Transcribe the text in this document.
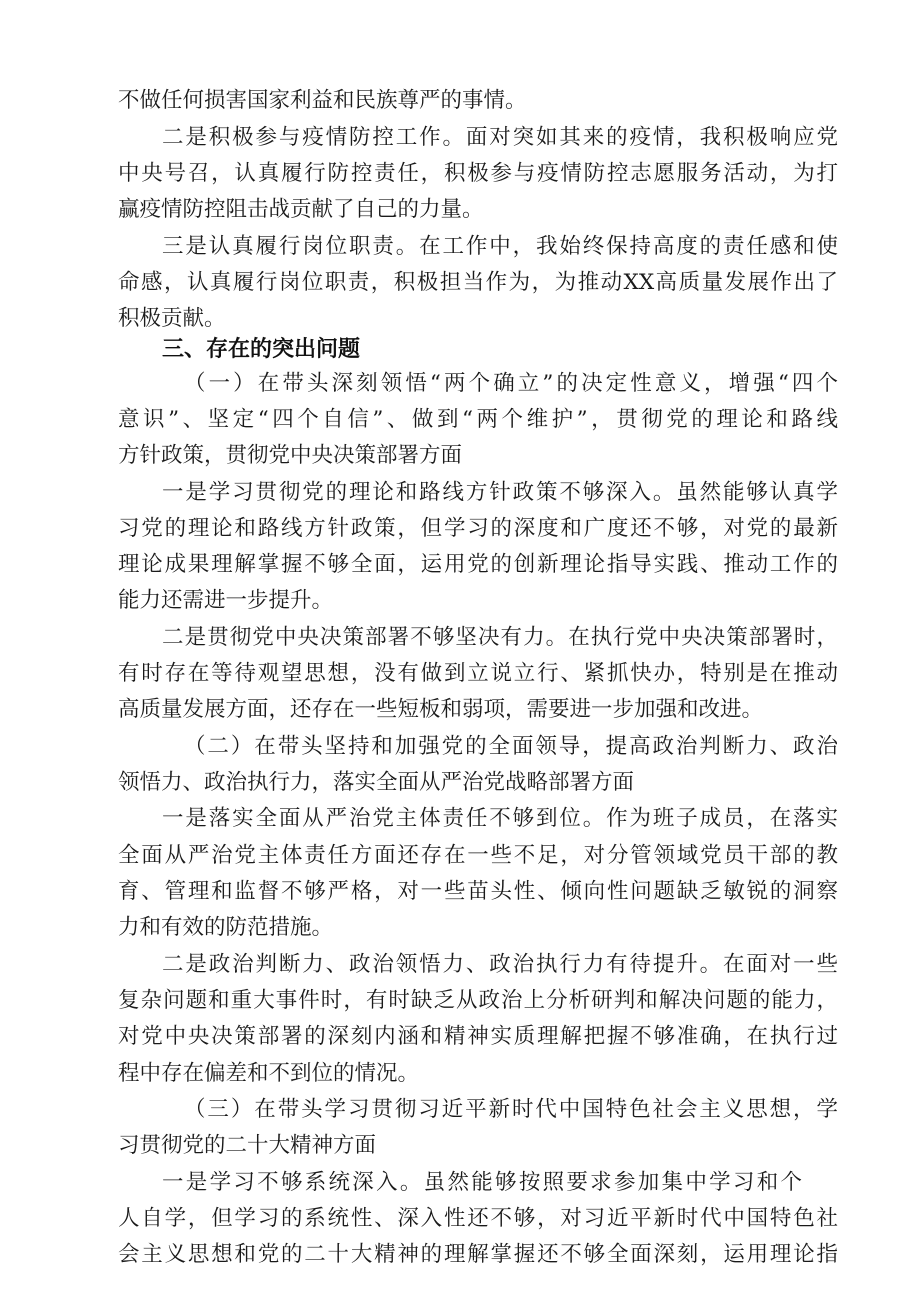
不做任何损害国家利益和民族尊严的事情。
二是积极参与疫情防控工作。面对突如其来的疫情，我积极响应党
中央号召，认真履行防控责任，积极参与疫情防控志愿服务活动，为打
赢疫情防控阻击战贡献了自己的力量。
三是认真履行岗位职责。在工作中，我始终保持高度的责任感和使
命感，认真履行岗位职责，积极担当作为，为推动XX高质量发展作出了
积极贡献。
三、存在的突出问题
（一）在带头深刻领悟“两个确立”的决定性意义，增强“四个
意识”、坚定“四个自信”、做到“两个维护”，贯彻党的理论和路线
方针政策，贯彻党中央决策部署方面
一是学习贯彻党的理论和路线方针政策不够深入。虽然能够认真学
习党的理论和路线方针政策，但学习的深度和广度还不够，对党的最新
理论成果理解掌握不够全面，运用党的创新理论指导实践、推动工作的
能力还需进一步提升。
二是贯彻党中央决策部署不够坚决有力。在执行党中央决策部署时，
有时存在等待观望思想，没有做到立说立行、紧抓快办，特别是在推动
高质量发展方面，还存在一些短板和弱项，需要进一步加强和改进。
（二）在带头坚持和加强党的全面领导，提高政治判断力、政治
领悟力、政治执行力，落实全面从严治党战略部署方面
一是落实全面从严治党主体责任不够到位。作为班子成员，在落实
全面从严治党主体责任方面还存在一些不足，对分管领域党员干部的教
育、管理和监督不够严格，对一些苗头性、倾向性问题缺乏敏锐的洞察
力和有效的防范措施。
二是政治判断力、政治领悟力、政治执行力有待提升。在面对一些
复杂问题和重大事件时，有时缺乏从政治上分析研判和解决问题的能力，
对党中央决策部署的深刻内涵和精神实质理解把握不够准确，在执行过
程中存在偏差和不到位的情况。
（三）在带头学习贯彻习近平新时代中国特色社会主义思想，学
习贯彻党的二十大精神方面
一是学习不够系统深入。虽然能够按照要求参加集中学习和个
人自学，但学习的系统性、深入性还不够，对习近平新时代中国特色社
会主义思想和党的二十大精神的理解掌握还不够全面深刻，运用理论指
